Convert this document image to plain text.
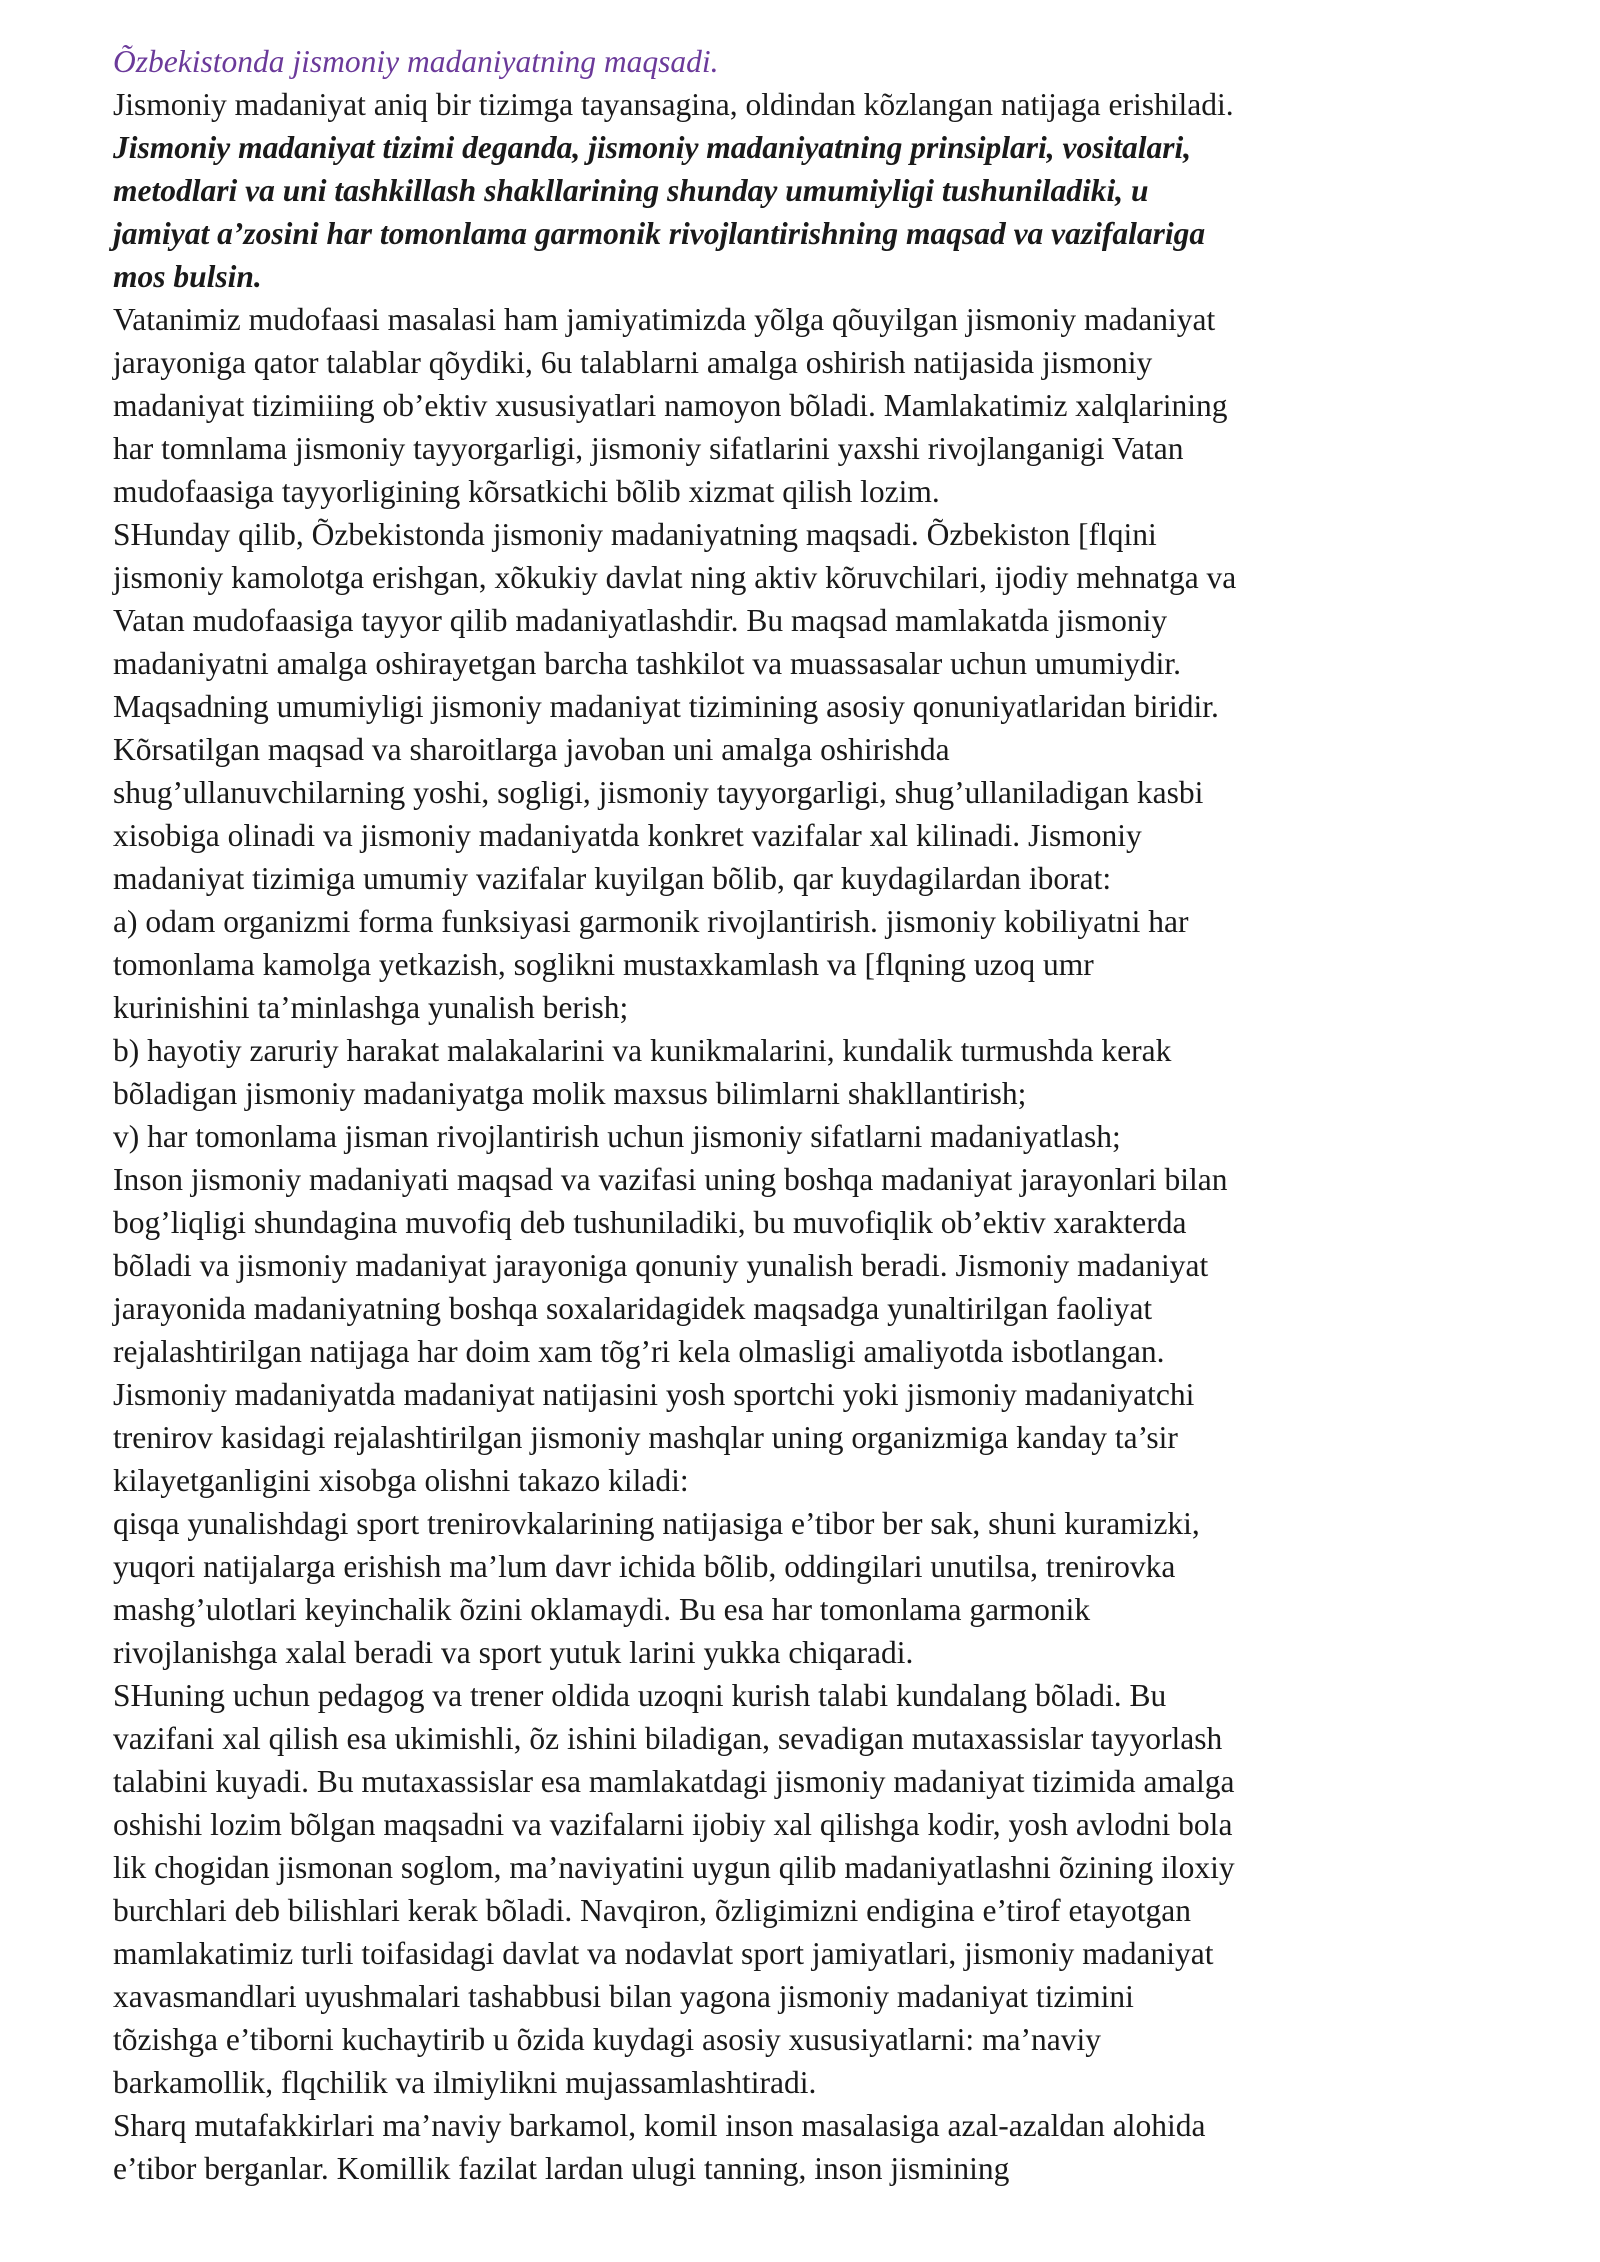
Õzbekistonda jismoniy madaniyatning maqsadi.
Jismoniy madaniyat aniq bir tizimga tayansagina, oldindan kõzlangan natijaga erishiladi.
Jismoniy madaniyat tizimi deganda, jismoniy madaniyatning prinsiplari, vositalari,
metodlari va uni tashkillash shakllarining shunday umumiyligi tushuniladiki, u
jamiyat a’zosini har tomonlama garmonik rivojlantirishning maqsad va vazifalariga
mos bulsin.
Vatanimiz mudofaasi masalasi ham jamiyatimizda yõlga qõuyilgan jismoniy madaniyat
jarayoniga qator talablar qõydiki, 6u talablarni amalga oshirish natijasida jismoniy
madaniyat tizimiiing ob’ektiv xususiyatlari namoyon bõladi. Mamlakatimiz xalqlarining
har tomnlama jismoniy tayyorgarligi, jismoniy sifatlarini yaxshi rivojlanganigi Vatan
mudofaasiga tayyorligining kõrsatkichi bõlib xizmat qilish lozim.
SHunday qilib, Õzbekistonda jismoniy madaniyatning maqsadi. Õzbekiston [flqini
jismoniy kamolotga erishgan, xõkukiy davlat ning aktiv kõruvchilari, ijodiy mehnatga va
Vatan mudofaasiga tayyor qilib madaniyatlashdir. Bu maqsad mamlakatda jismoniy
madaniyatni amalga oshirayetgan barcha tashkilot va muassasalar uchun umumiydir.
Maqsadning umumiyligi jismoniy madaniyat tizimining asosiy qonuniyatlaridan biridir.
Kõrsatilgan maqsad va sharoitlarga javoban uni amalga oshirishda
shug’ullanuvchilarning yoshi, sogligi, jismoniy tayyorgarligi, shug’ullaniladigan kasbi
xisobiga olinadi va jismoniy madaniyatda konkret vazifalar xal kilinadi. Jismoniy
madaniyat tizimiga umumiy vazifalar kuyilgan bõlib, qar kuydagilardan iborat:
a) odam organizmi forma funksiyasi garmonik rivojlantirish. jismoniy kobiliyatni har
tomonlama kamolga yetkazish, soglikni mustaxkamlash va [flqning uzoq umr
kurinishini ta’minlashga yunalish berish;
b) hayotiy zaruriy harakat malakalarini va kunikmalarini, kundalik turmushda kerak
bõladigan jismoniy madaniyatga molik maxsus bilimlarni shakllantirish;
v) har tomonlama jisman rivojlantirish uchun jismoniy sifatlarni madaniyatlash;
Inson jismoniy madaniyati maqsad va vazifasi uning boshqa madaniyat jarayonlari bilan
bog’liqligi shundagina muvofiq deb tushuniladiki, bu muvofiqlik ob’ektiv xarakterda
bõladi va jismoniy madaniyat jarayoniga qonuniy yunalish beradi. Jismoniy madaniyat
jarayonida madaniyatning boshqa soxalaridagidek maqsadga yunaltirilgan faoliyat
rejalashtirilgan natijaga har doim xam tõg’ri kela olmasligi amaliyotda isbotlangan.
Jismoniy madaniyatda madaniyat natijasini yosh sportchi yoki jismoniy madaniyatchi
trenirov kasidagi rejalashtirilgan jismoniy mashqlar uning organizmiga kanday ta’sir
kilayetganligini xisobga olishni takazo kiladi:
qisqa yunalishdagi sport trenirovkalarining natijasiga e’tibor ber sak, shuni kuramizki,
yuqori natijalarga erishish ma’lum davr ichida bõlib, oddingilari unutilsa, trenirovka
mashg’ulotlari keyinchalik õzini oklamaydi. Bu esa har tomonlama garmonik
rivojlanishga xalal beradi va sport yutuk larini yukka chiqaradi.
SHuning uchun pedagog va trener oldida uzoqni kurish talabi kundalang bõladi. Bu
vazifani xal qilish esa ukimishli, õz ishini biladigan, sevadigan mutaxassislar tayyorlash
talabini kuyadi. Bu mutaxassislar esa mamlakatdagi jismoniy madaniyat tizimida amalga
oshishi lozim bõlgan maqsadni va vazifalarni ijobiy xal qilishga kodir, yosh avlodni bola
lik chogidan jismonan soglom, ma’naviyatini uygun qilib madaniyatlashni õzining iloxiy
burchlari deb bilishlari kerak bõladi. Navqiron, õzligimizni endigina e’tirof etayotgan
mamlakatimiz turli toifasidagi davlat va nodavlat sport jamiyatlari, jismoniy madaniyat
xavasmandlari uyushmalari tashabbusi bilan yagona jismoniy madaniyat tizimini
tõzishga e’tiborni kuchaytirib u õzida kuydagi asosiy xususiyatlarni: ma’naviy
barkamollik, flqchilik va ilmiylikni mujassamlashtiradi.
Sharq mutafakkirlari ma’naviy barkamol, komil inson masalasiga azal-azaldan alohida
e’tibor berganlar. Komillik fazilat lardan ulugi tanning, inson jismining
